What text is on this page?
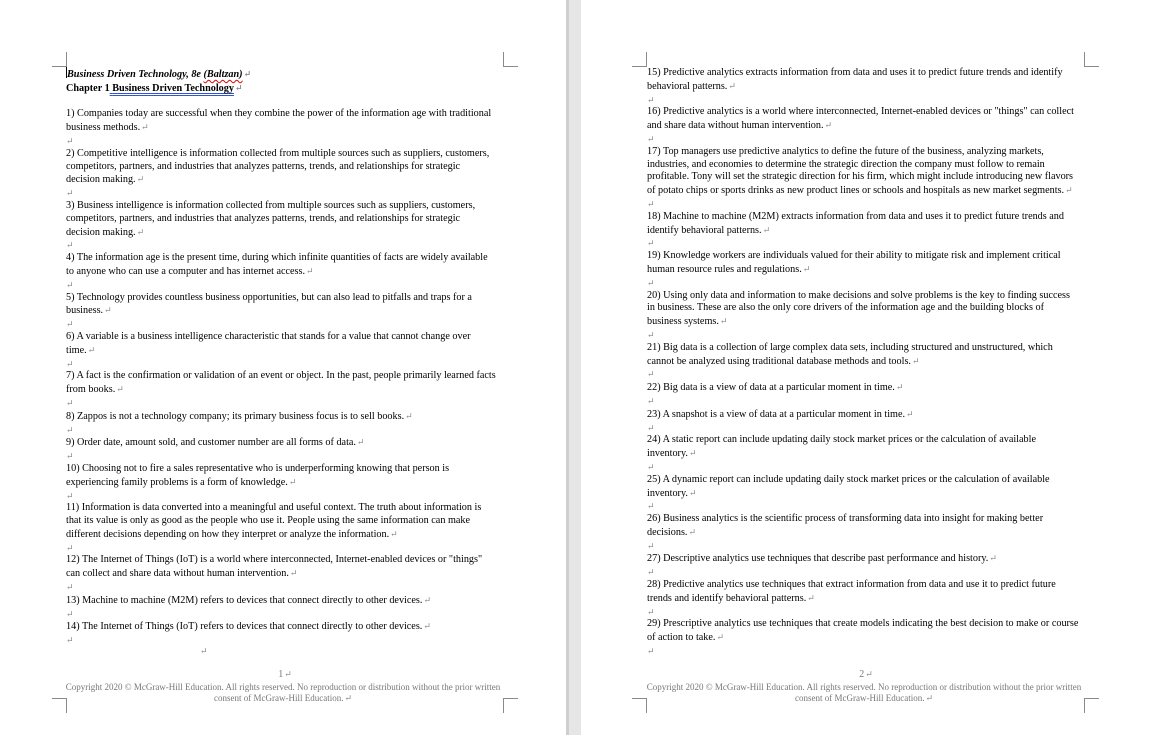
Business Driven Technology, 8e (Baltzan)↵

Chapter 1 Business Driven Technology↵

1) Companies today are successful when they combine the power of the information age with traditional business methods.↵

↵

2) Competitive intelligence is information collected from multiple sources such as suppliers, customers, competitors, partners, and industries that analyzes patterns, trends, and relationships for strategic decision making.↵

↵

3) Business intelligence is information collected from multiple sources such as suppliers, customers, competitors, partners, and industries that analyzes patterns, trends, and relationships for strategic decision making.↵

↵

4) The information age is the present time, during which infinite quantities of facts are widely available to anyone who can use a computer and has internet access.↵

↵

5) Technology provides countless business opportunities, but can also lead to pitfalls and traps for a business.↵

↵

6) A variable is a business intelligence characteristic that stands for a value that cannot change over time.↵

↵

7) A fact is the confirmation or validation of an event or object. In the past, people primarily learned facts from books.↵

↵

8) Zappos is not a technology company; its primary business focus is to sell books.↵

↵

9) Order date, amount sold, and customer number are all forms of data.↵

↵

10) Choosing not to fire a sales representative who is underperforming knowing that person is experiencing family problems is a form of knowledge.↵

↵

11) Information is data converted into a meaningful and useful context. The truth about information is that its value is only as good as the people who use it. People using the same information can make different decisions depending on how they interpret or analyze the information.↵

↵

12) The Internet of Things (IoT) is a world where interconnected, Internet-enabled devices or "things" can collect and share data without human intervention.↵

↵

13) Machine to machine (M2M) refers to devices that connect directly to other devices.↵

↵

14) The Internet of Things (IoT) refers to devices that connect directly to other devices.↵

↵

↵
1↵
Copyright 2020 © McGraw-Hill Education. All rights reserved. No reproduction or distribution without the prior written consent of McGraw-Hill Education.↵

15) Predictive analytics extracts information from data and uses it to predict future trends and identify behavioral patterns.↵

↵

16) Predictive analytics is a world where interconnected, Internet-enabled devices or "things" can collect and share data without human intervention.↵

↵

17) Top managers use predictive analytics to define the future of the business, analyzing markets, industries, and economies to determine the strategic direction the company must follow to remain profitable. Tony will set the strategic direction for his firm, which might include introducing new flavors of potato chips or sports drinks as new product lines or schools and hospitals as new market segments.↵

↵

18) Machine to machine (M2M) extracts information from data and uses it to predict future trends and identify behavioral patterns.↵

↵

19) Knowledge workers are individuals valued for their ability to mitigate risk and implement critical human resource rules and regulations.↵

↵

20) Using only data and information to make decisions and solve problems is the key to finding success in business. These are also the only core drivers of the information age and the building blocks of business systems.↵

↵

21) Big data is a collection of large complex data sets, including structured and unstructured, which cannot be analyzed using traditional database methods and tools.↵

↵

22) Big data is a view of data at a particular moment in time.↵

↵

23) A snapshot is a view of data at a particular moment in time.↵

↵

24) A static report can include updating daily stock market prices or the calculation of available inventory.↵

↵

25) A dynamic report can include updating daily stock market prices or the calculation of available inventory.↵

↵

26) Business analytics is the scientific process of transforming data into insight for making better decisions.↵

↵

27) Descriptive analytics use techniques that describe past performance and history.↵

↵

28) Predictive analytics use techniques that extract information from data and use it to predict future trends and identify behavioral patterns.↵

↵

29) Prescriptive analytics use techniques that create models indicating the best decision to make or course of action to take.↵

↵

2↵
Copyright 2020 © McGraw-Hill Education. All rights reserved. No reproduction or distribution without the prior written consent of McGraw-Hill Education.↵
